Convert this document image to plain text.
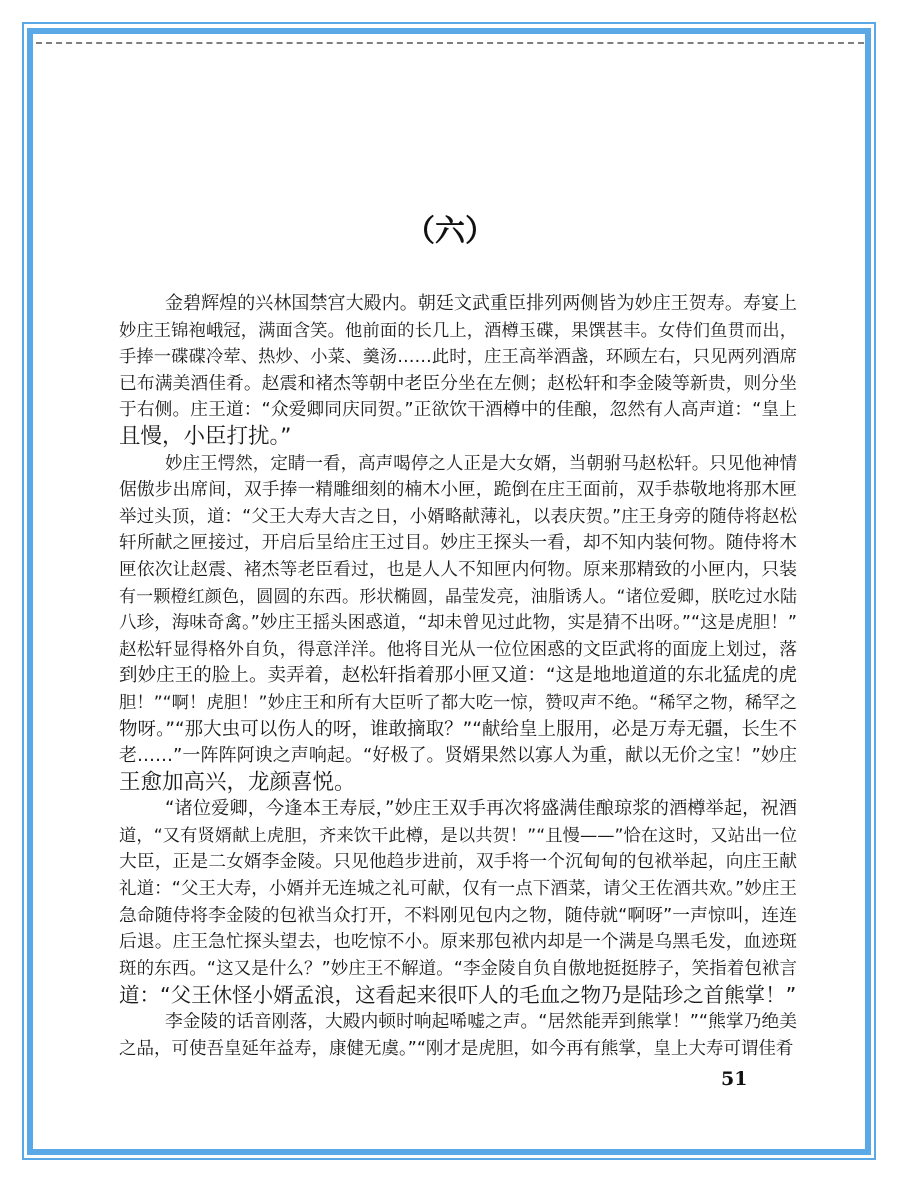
（六）
金碧辉煌的兴林国禁宫大殿内。朝廷文武重臣排列两侧皆为妙庄王贺寿。寿宴上
妙庄王锦袍峨冠，满面含笑。他前面的长几上，酒樽玉碟，果馔甚丰。女侍们鱼贯而出，
手捧一碟碟冷荤、热炒、小菜、羹汤……此时，庄王高举酒盏，环顾左右，只见两列酒席
已布满美酒佳肴。赵震和褚杰等朝中老臣分坐在左侧；赵松轩和李金陵等新贵，则分坐
于右侧。庄王道：“众爱卿同庆同贺。”正欲饮干酒樽中的佳酿，忽然有人高声道：“皇上
且慢，小臣打扰。”
妙庄王愕然，定睛一看，高声喝停之人正是大女婿，当朝驸马赵松轩。只见他神情
倨傲步出席间，双手捧一精雕细刻的楠木小匣，跪倒在庄王面前，双手恭敬地将那木匣
举过头顶，道：“父王大寿大吉之日，小婿略献薄礼，以表庆贺。”庄王身旁的随侍将赵松
轩所献之匣接过，开启后呈给庄王过目。妙庄王探头一看，却不知内装何物。随侍将木
匣依次让赵震、褚杰等老臣看过，也是人人不知匣内何物。原来那精致的小匣内，只装
有一颗橙红颜色，圆圆的东西。形状椭圆，晶莹发亮，油脂诱人。“诸位爱卿，朕吃过水陆
八珍，海味奇禽。”妙庄王摇头困惑道，“却未曾见过此物，实是猜不出呀。”“这是虎胆！”
赵松轩显得格外自负，得意洋洋。他将目光从一位位困惑的文臣武将的面庞上划过，落
到妙庄王的脸上。卖弄着，赵松轩指着那小匣又道：“这是地地道道的东北猛虎的虎
胆！”“啊！虎胆！”妙庄王和所有大臣听了都大吃一惊，赞叹声不绝。“稀罕之物，稀罕之
物呀。”“那大虫可以伤人的呀，谁敢摘取？”“献给皇上服用，必是万寿无疆，长生不
老……”一阵阵阿谀之声响起。“好极了。贤婿果然以寡人为重，献以无价之宝！”妙庄
王愈加高兴，龙颜喜悦。
“诸位爱卿，今逢本王寿辰，”妙庄王双手再次将盛满佳酿琼浆的酒樽举起，祝酒
道，“又有贤婿献上虎胆，齐来饮干此樽，是以共贺！”“且慢——”恰在这时，又站出一位
大臣，正是二女婿李金陵。只见他趋步进前，双手将一个沉甸甸的包袱举起，向庄王献
礼道：“父王大寿，小婿并无连城之礼可献，仅有一点下酒菜，请父王佐酒共欢。”妙庄王
急命随侍将李金陵的包袱当众打开，不料刚见包内之物，随侍就“啊呀”一声惊叫，连连
后退。庄王急忙探头望去，也吃惊不小。原来那包袱内却是一个满是乌黑毛发，血迹斑
斑的东西。“这又是什么？”妙庄王不解道。“李金陵自负自傲地挺挺脖子，笑指着包袱言
道：“父王休怪小婿孟浪，这看起来很吓人的毛血之物乃是陆珍之首熊掌！”
李金陵的话音刚落，大殿内顿时响起唏嘘之声。“居然能弄到熊掌！”“熊掌乃绝美
之品，可使吾皇延年益寿，康健无虞。”“刚才是虎胆，如今再有熊掌，皇上大寿可谓佳肴
51
